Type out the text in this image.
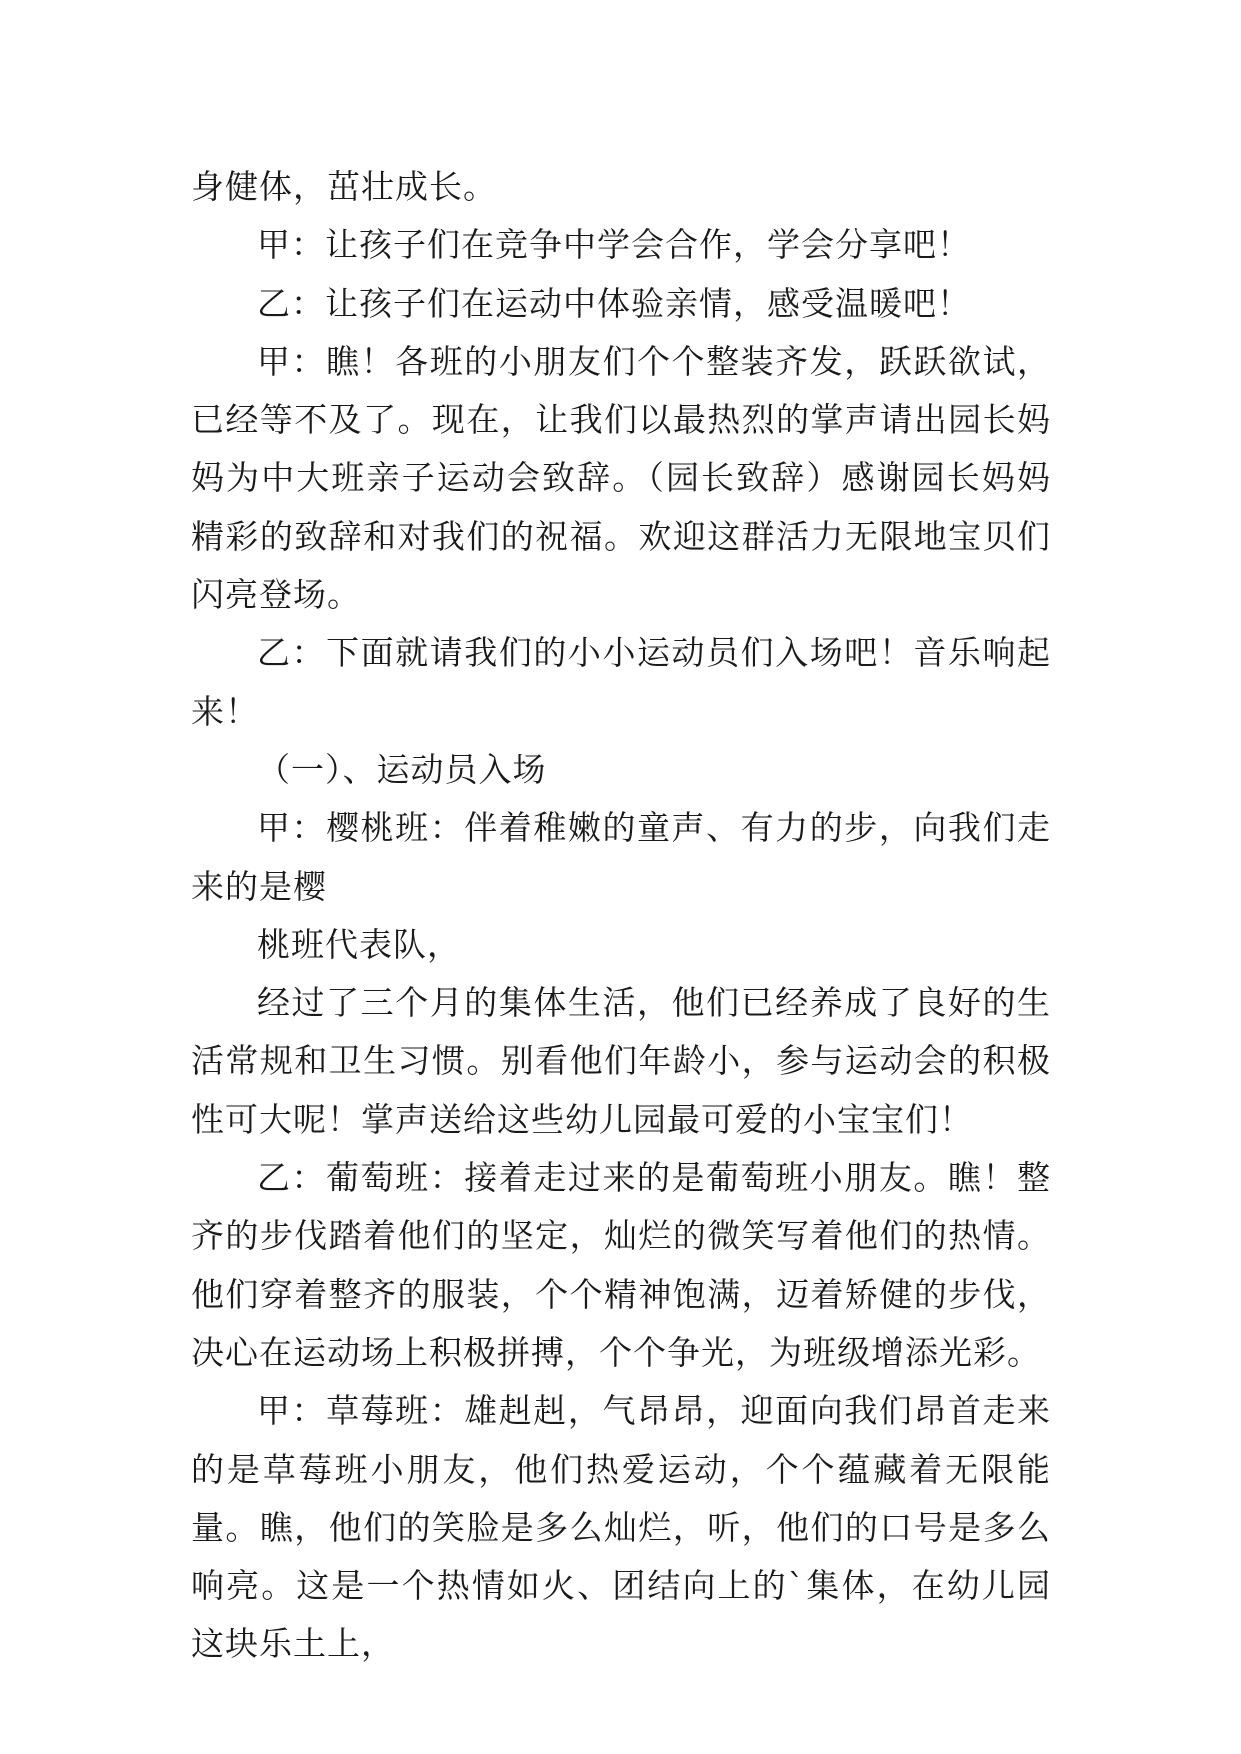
身健体，茁壮成长。

甲：让孩子们在竞争中学会合作，学会分享吧！

乙：让孩子们在运动中体验亲情，感受温暖吧！

甲：瞧！各班的小朋友们个个整装齐发，跃跃欲试，已经等不及了。现在，让我们以最热烈的掌声请出园长妈妈为中大班亲子运动会致辞。（园长致辞）感谢园长妈妈精彩的致辞和对我们的祝福。欢迎这群活力无限地宝贝们闪亮登场。

乙：下面就请我们的小小运动员们入场吧！音乐响起来！

（一）、运动员入场

甲：樱桃班：伴着稚嫩的童声、有力的步，向我们走来的是樱

桃班代表队，

经过了三个月的集体生活，他们已经养成了良好的生活常规和卫生习惯。别看他们年龄小，参与运动会的积极性可大呢！掌声送给这些幼儿园最可爱的小宝宝们！

乙：葡萄班：接着走过来的是葡萄班小朋友。瞧！整齐的步伐踏着他们的坚定，灿烂的微笑写着他们的热情。他们穿着整齐的服装，个个精神饱满，迈着矫健的步伐，决心在运动场上积极拼搏，个个争光，为班级增添光彩。

甲：草莓班：雄赳赳，气昂昂，迎面向我们昂首走来的是草莓班小朋友，他们热爱运动，个个蕴藏着无限能量。瞧，他们的笑脸是多么灿烂，听，他们的口号是多么响亮。这是一个热情如火、团结向上的`集体，在幼儿园这块乐土上，
